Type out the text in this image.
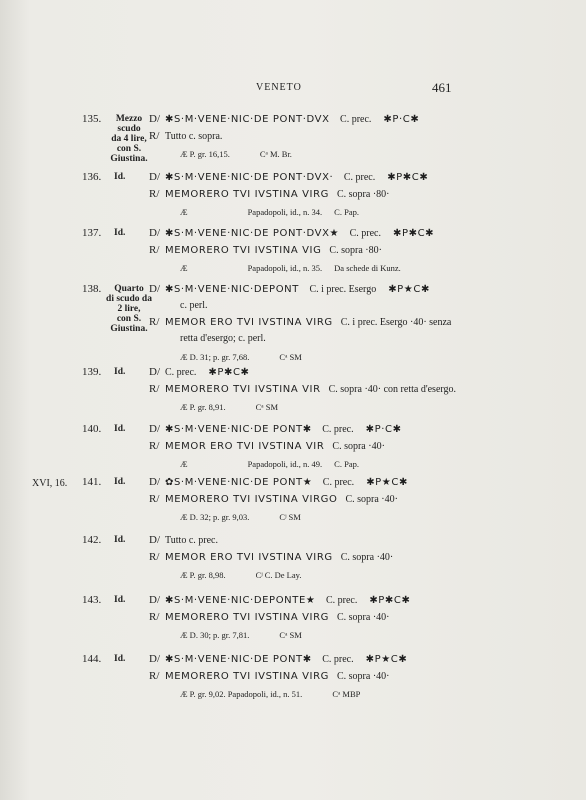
VENETO	461
135.	Mezzo scudo
da 4 lire,
con S. Giustina.
D/ ✱S·M·VENE·NIC·DE PONT·DVX C. prec. ✱P·C✱
R/ Tutto c. sopra.
Æ P. gr. 16,15.	Cᵃ M. Br.
136. Id.	D/ ✱S·M·VENE·NIC·DE PONT·DVX· C. prec. ✱P✱C✱
R/ MEMORERO TVI IVSTINA VIRG C. sopra ·80·
Æ	Papadopoli, id., n. 34. C. Pap.
137. Id.	D/ ✱S·M·VENE·NIC·DE PONT·DVX★ C. prec. ✱P✱C✱
R/ MEMORERO TVI IVSTINA VIG C. sopra ·80·
Æ	Papadopoli, id., n. 35. Da schede di Kunz.
138.	Quarto
di scudo da 2 lire,
con S. Giustina.
D/ ✱S·M·VENE·NIC·DEPONT C. i prec. Esergo ✱P★C✱
c. perl.
R/ MEMOR ERO TVI IVSTINA VIRG C. i prec. Esergo ·40· senza
retta d'esergo; c. perl.
Æ D. 31; p. gr. 7,68.	Cᵃ SM
139. Id.	D/ C. prec. ✱P✱C✱
R/ MEMORERO TVI IVSTINA VIR C. sopra ·40· con retta d'esergo.
Æ P. gr. 8,91.	Cᵃ SM
140. Id.	D/ ✱S·M·VENE·NIC·DE PONT✱ C. prec. ✱P·C✱
R/ MEMOR ERO TVI IVSTINA VIR C. sopra ·40·
Æ	Papadopoli, id., n. 49. C. Pap.
XVI, 16. 141. Id.	D/ ✿S·M·VENE·NIC·DE PONT★ C. prec. ✱P★C✱
R/ MEMORERO TVI IVSTINA VIRGO C. sopra ·40·
Æ D. 32; p. gr. 9,03.	Cʲ SM
142. Id.	D/ Tutto c. prec.
R/ MEMOR ERO TVI IVSTINA VIRG C. sopra ·40·
Æ P. gr. 8,98.	Cʲ C. De Lay.
143. Id.	D/ ✱S·M·VENE·NIC·DEPONTE★ C. prec. ✱P✱C✱
R/ MEMORERO TVI IVSTINA VIRG C. sopra ·40·
Æ D. 30; p. gr. 7,81.	Cᵃ SM
144. Id.	D/ ✱S·M·VENE·NIC·DE PONT✱ C. prec. ✱P★C✱
R/ MEMORERO TVI IVSTINA VIRG C. sopra ·40·
Æ P. gr. 9,02. Papadopoli, id., n. 51.	Cᵃ MBP
